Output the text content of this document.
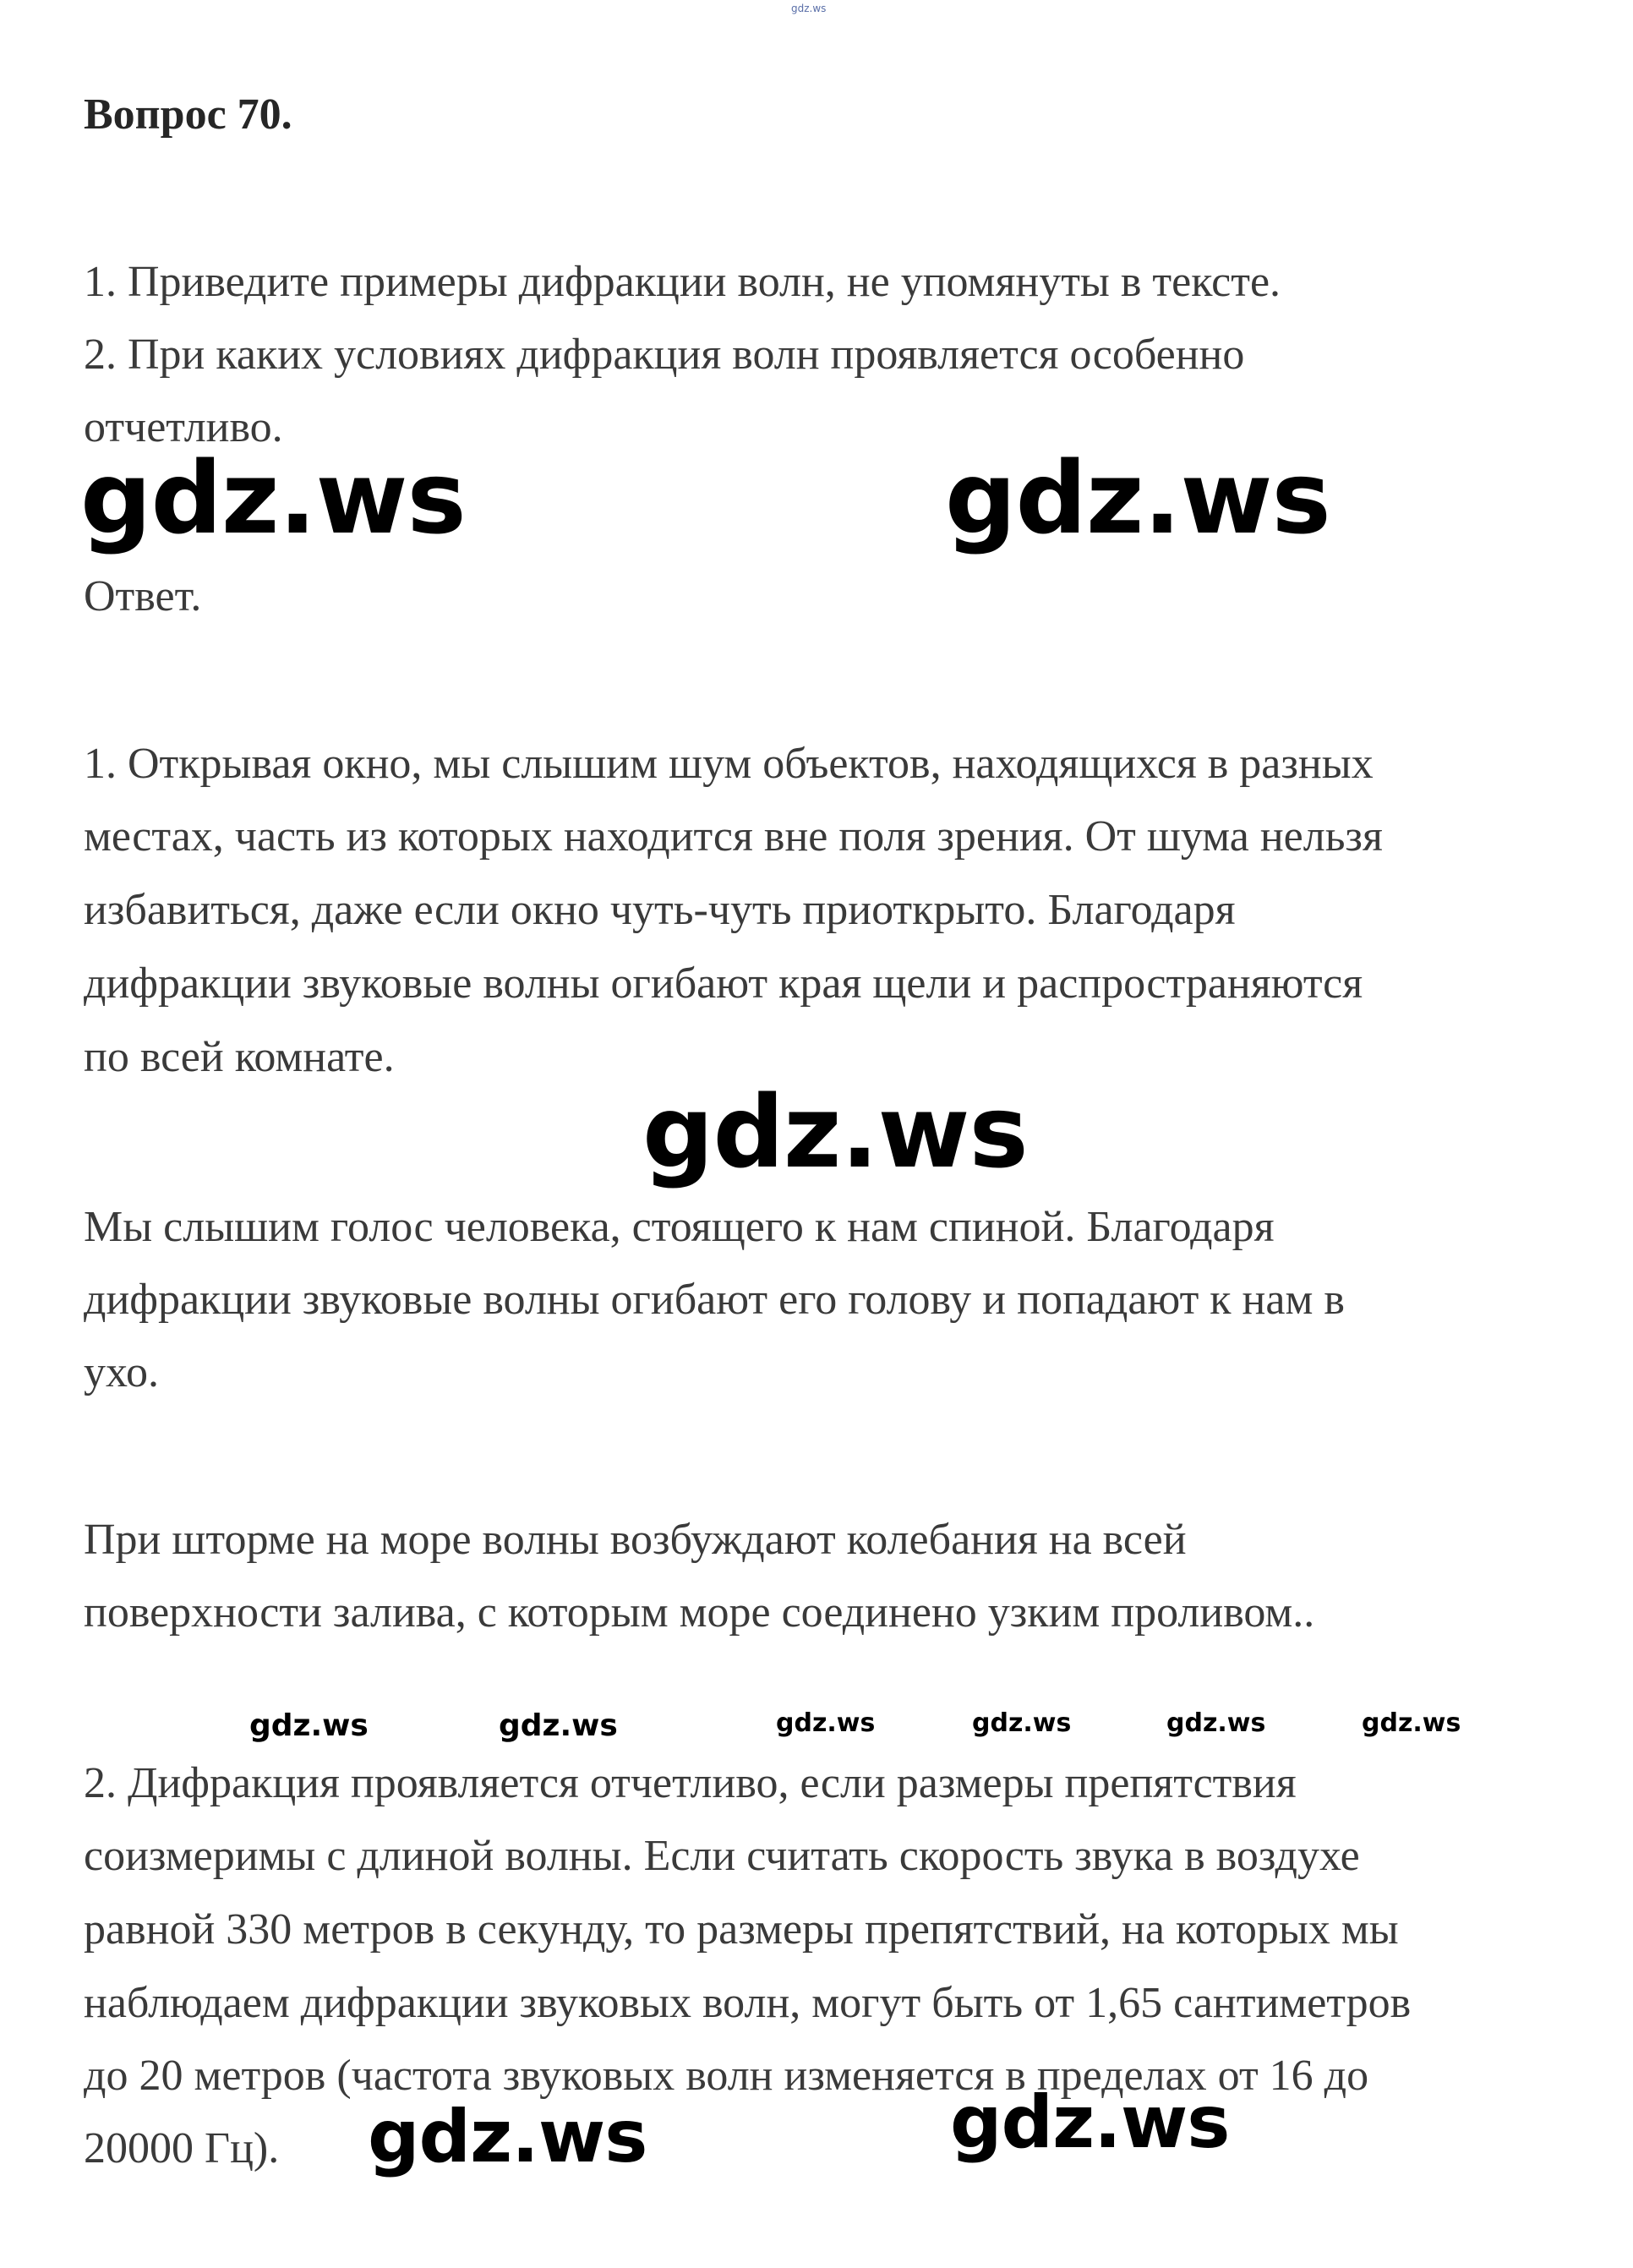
gdz.ws
Вопрос 70.
1. Приведите примеры дифракции волн, не упомянуты в тексте.
2. При каких условиях дифракция волн проявляется особенно
отчетливо.
gdz.ws	gdz.ws
Ответ.
1. Открывая окно, мы слышим шум объектов, находящихся в разных
местах, часть из которых находится вне поля зрения. От шума нельзя
избавиться, даже если окно чуть-чуть приоткрыто. Благодаря
дифракции звуковые волны огибают края щели и распространяются
по всей комнате.
gdz.ws
Мы слышим голос человека, стоящего к нам спиной. Благодаря
дифракции звуковые волны огибают его голову и попадают к нам в
ухо.
При шторме на море волны возбуждают колебания на всей
поверхности залива, с которым море соединено узким проливом..
gdz.ws	gdz.ws	gdz.ws	gdz.ws	gdz.ws	gdz.ws
2. Дифракция проявляется отчетливо, если размеры препятствия
соизмеримы с длиной волны. Если считать скорость звука в воздухе
равной 330 метров в секунду, то размеры препятствий, на которых мы
наблюдаем дифракции звуковых волн, могут быть от 1,65 сантиметров
до 20 метров (частота звуковых волн изменяется в пределах от 16 до
20000 Гц). gdz.ws	gdz.ws
